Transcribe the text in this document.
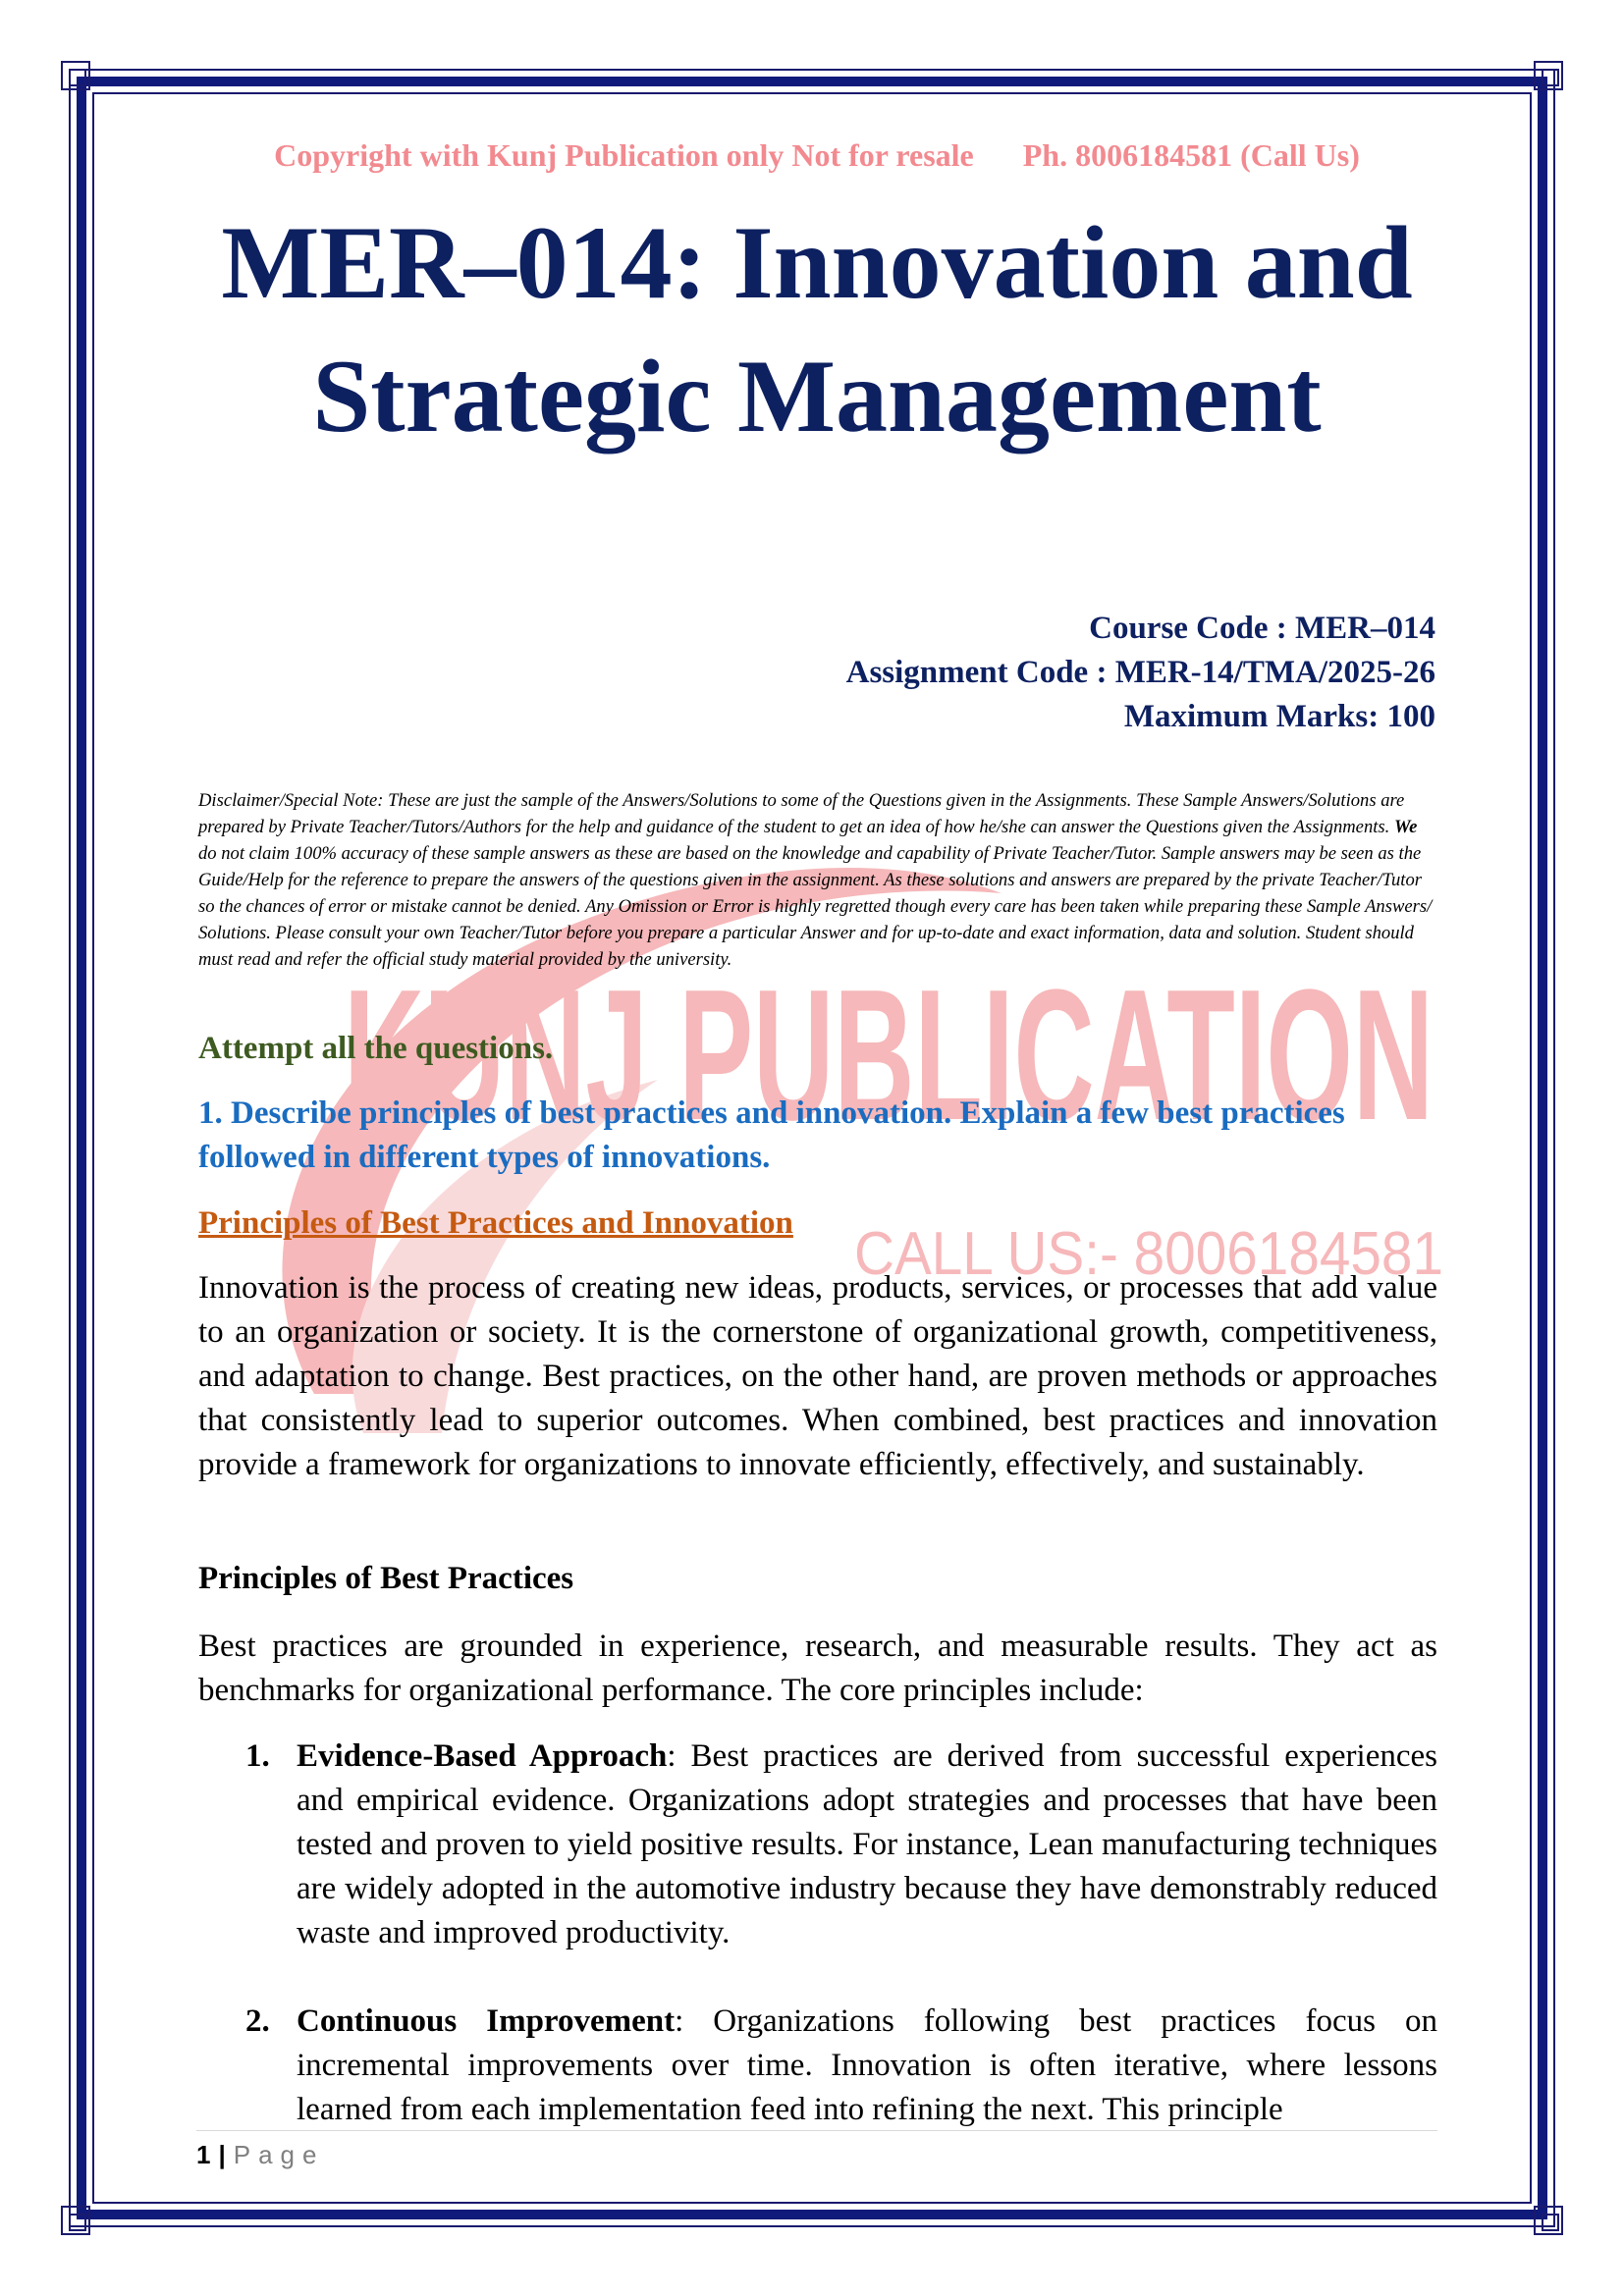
KUNJ PUBLICATION
CALL US:- 8006184581
Copyright with Kunj Publication only Not for resale Ph. 8006184581 (Call Us)
MER–014: Innovation and
Strategic Management
Course Code : MER–014
Assignment Code : MER-14/TMA/2025-26
Maximum Marks: 100

Disclaimer/Special Note: These are just the sample of the Answers/Solutions to some of the Questions given in the Assignments. These Sample Answers/Solutions are prepared by Private Teacher/Tutors/Authors for the help and guidance of the student to get an idea of how he/she can answer the Questions given the Assignments. We do not claim 100% accuracy of these sample answers as these are based on the knowledge and capability of Private Teacher/Tutor. Sample answers may be seen as the Guide/Help for the reference to prepare the answers of the questions given in the assignment. As these solutions and answers are prepared by the private Teacher/Tutor so the chances of error or mistake cannot be denied. Any Omission or Error is highly regretted though every care has been taken while preparing these Sample Answers/ Solutions. Please consult your own Teacher/Tutor before you prepare a particular Answer and for up-to-date and exact information, data and solution. Student should must read and refer the official study material provided by the university.

Attempt all the questions.

1. Describe principles of best practices and innovation. Explain a few best practices followed in different types of innovations.

Principles of Best Practices and Innovation

Innovation is the process of creating new ideas, products, services, or processes that add value to an organization or society. It is the cornerstone of organizational growth, competitiveness, and adaptation to change. Best practices, on the other hand, are proven methods or approaches that consistently lead to superior outcomes. When combined, best practices and innovation provide a framework for organizations to innovate efficiently, effectively, and sustainably.

Principles of Best Practices

Best practices are grounded in experience, research, and measurable results. They act as benchmarks for organizational performance. The core principles include:

1. Evidence-Based Approach: Best practices are derived from successful experiences and empirical evidence. Organizations adopt strategies and processes that have been tested and proven to yield positive results. For instance, Lean manufacturing techniques are widely adopted in the automotive industry because they have demonstrably reduced waste and improved productivity.
2. Continuous Improvement: Organizations following best practices focus on incremental improvements over time. Innovation is often iterative, where lessons learned from each implementation feed into refining the next. This principle
1 | Page
